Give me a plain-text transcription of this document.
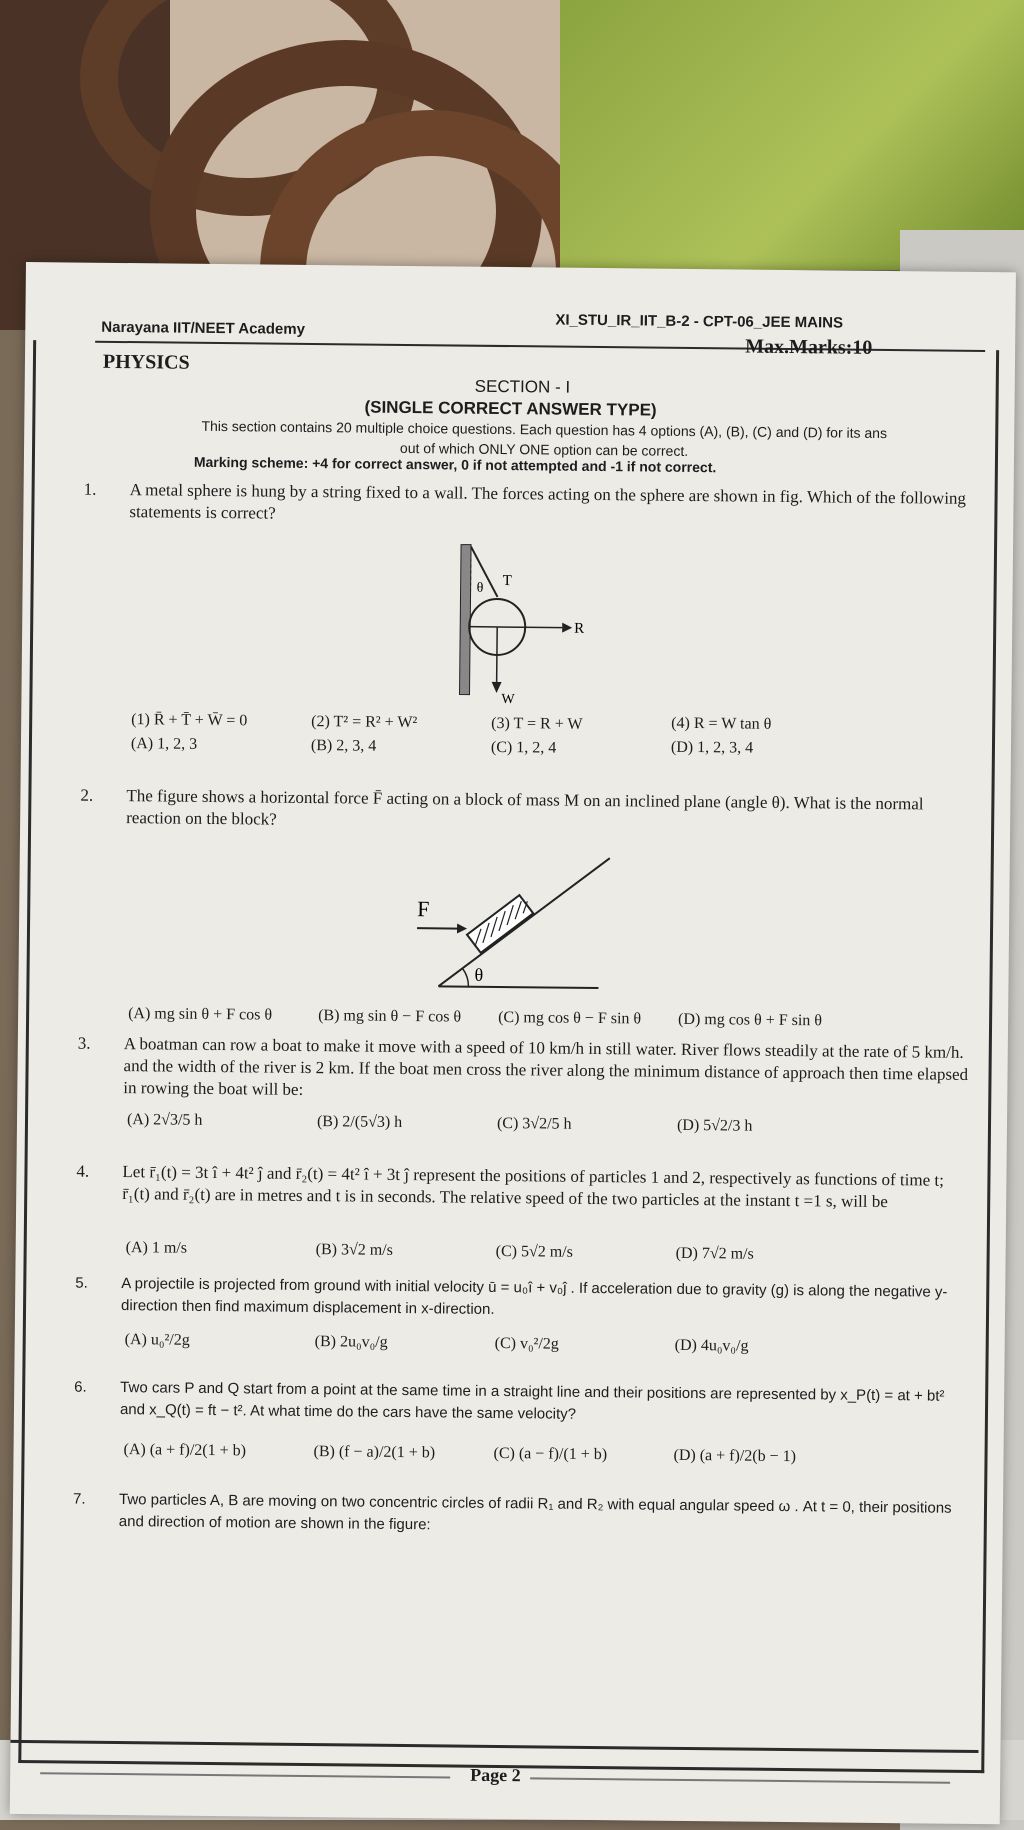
Narayana IIT/NEET Academy	XI_STU_IR_IIT_B-2 - CPT-06_JEE MAINS
PHYSICS
Max.Marks:10
SECTION - I
(SINGLE CORRECT ANSWER TYPE)
This section contains 20 multiple choice questions. Each question has 4 options (A), (B), (C) and (D) for its ans
out of which ONLY ONE option can be correct.
Marking scheme: +4 for correct answer, 0 if not attempted and -1 if not correct.
1. A metal sphere is hung by a string fixed to a wall. The forces acting on the sphere are shown in fig. Which of the following statements is correct?
θ T
R
W
(1) R̄ + T̄ + W̄ = 0	(2) T² = R² + W²	(3) T = R + W	(4) R = W tan θ
(A) 1, 2, 3	(B) 2, 3, 4	(C) 1, 2, 4	(D) 1, 2, 3, 4
2. The figure shows a horizontal force F̄ acting on a block of mass M on an inclined plane (angle θ). What is the normal reaction on the block?
F
θ
(A) mg sin θ + F cos θ	(B) mg sin θ − F cos θ (C) mg cos θ − F sin θ (D) mg cos θ + F sin θ
3. A boatman can row a boat to make it move with a speed of 10 km/h in still water. River flows steadily at the rate of 5 km/h. and the width of the river is 2 km. If the boat men cross the river along the minimum distance of approach then time elapsed in rowing the boat will be:
(A) 2√3/5 h	(B) 2/(5√3) h	(C) 3√2/5 h	(D) 5√2/3 h
4. Let r̄₁(t) = 3t î + 4t² ĵ and r̄₂(t) = 4t² î + 3t ĵ represent the positions of particles 1 and 2, respectively as functions of time t; r̄₁(t) and r̄₂(t) are in metres and t is in seconds. The relative speed of the two particles at the instant t =1 s, will be
(A) 1 m/s	(B) 3√2 m/s	(C) 5√2 m/s	(D) 7√2 m/s
5. A projectile is projected from ground with initial velocity ū = u₀î + v₀ĵ . If acceleration due to gravity (g) is along the negative y-direction then find maximum displacement in x-direction.
(A) u₀²/2g	(B) 2u₀v₀/g	(C) v₀²/2g	(D) 4u₀v₀/g
6. Two cars P and Q start from a point at the same time in a straight line and their positions are represented by x_P(t) = at + bt² and x_Q(t) = ft − t². At what time do the cars have the same velocity?
(A) (a + f)/2(1 + b)	(B) (f − a)/2(1 + b)	(C) (a − f)/(1 + b)	(D) (a + f)/2(b − 1)
7. Two particles A, B are moving on two concentric circles of radii R₁ and R₂ with equal angular speed ω . At t = 0, their positions and direction of motion are shown in the figure:
Page 2
